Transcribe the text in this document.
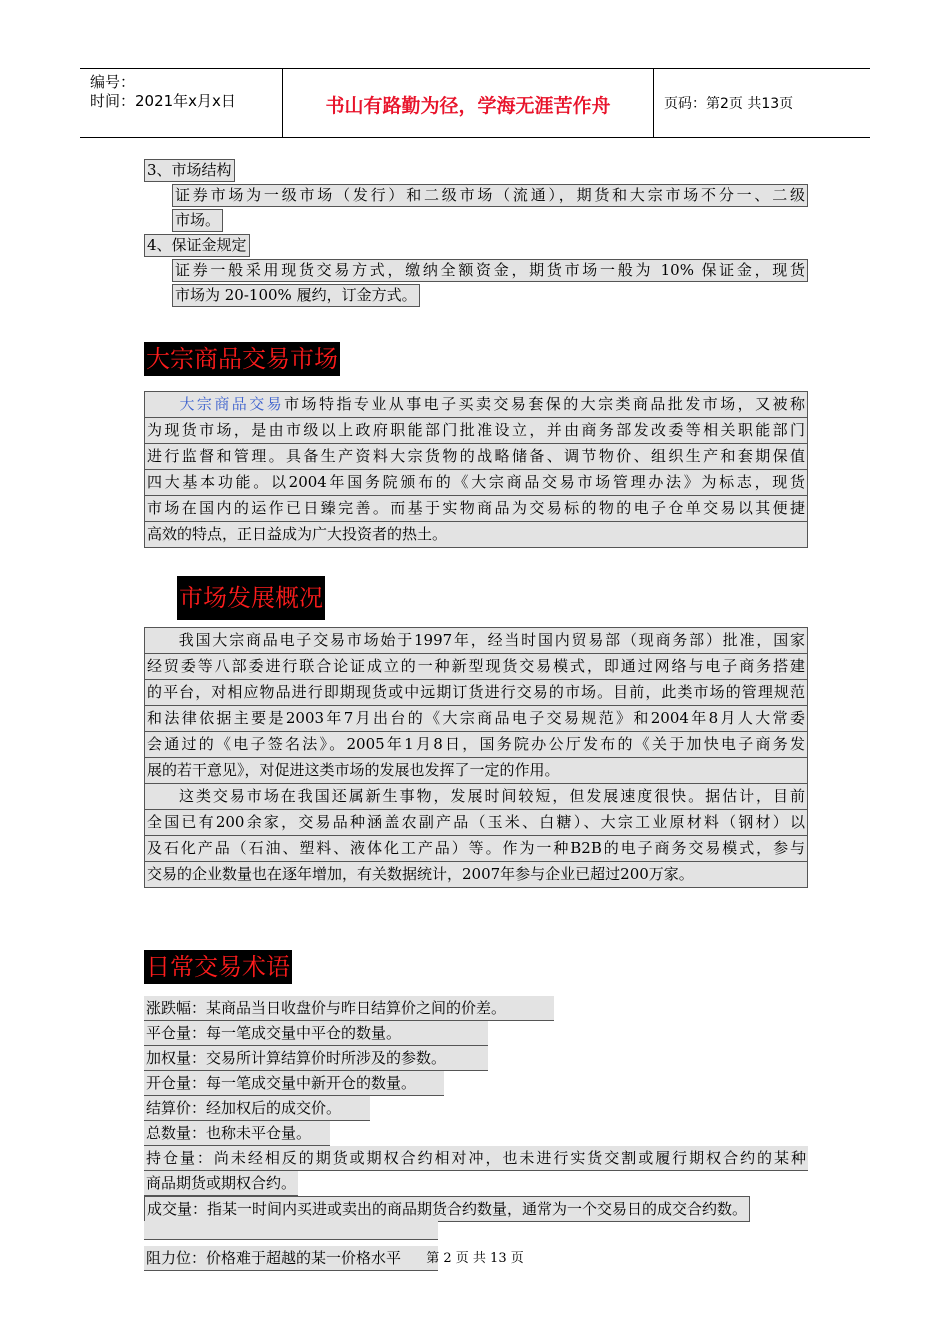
编号：
时间：2021年x月x日	书山有路勤为径，学海无涯苦作舟	页码：第2页 共13页
3、市场结构
证券市场为一级市场（发行）和二级市场（流通），期货和大宗市场不分一、二级
市场。
4、保证金规定
证券一般采用现货交易方式，缴纳全额资金，期货市场一般为 10% 保证金，现货
市场为 20-100% 履约，订金方式。
大宗商品交易市场
大宗商品交易市场特指专业从事电子买卖交易套保的大宗类商品批发市场，又被称
为现货市场，是由市级以上政府职能部门批准设立，并由商务部发改委等相关职能部门
进行监督和管理。具备生产资料大宗货物的战略储备、调节物价、组织生产和套期保值
四大基本功能。以2004年国务院颁布的《大宗商品交易市场管理办法》为标志，现货
市场在国内的运作已日臻完善。而基于实物商品为交易标的物的电子仓单交易以其便捷
高效的特点，正日益成为广大投资者的热土。
市场发展概况
我国大宗商品电子交易市场始于1997年，经当时国内贸易部（现商务部）批准，国家
经贸委等八部委进行联合论证成立的一种新型现货交易模式，即通过网络与电子商务搭建
的平台，对相应物品进行即期现货或中远期订货进行交易的市场。目前，此类市场的管理规范
和法律依据主要是2003年7月出台的《大宗商品电子交易规范》和2004年8月人大常委
会通过的《电子签名法》。2005年1月8日，国务院办公厅发布的《关于加快电子商务发
展的若干意见》，对促进这类市场的发展也发挥了一定的作用。
这类交易市场在我国还属新生事物，发展时间较短，但发展速度很快。据估计，目前
全国已有200余家，交易品种涵盖农副产品（玉米、白糖）、大宗工业原材料（钢材）以
及石化产品（石油、塑料、液体化工产品）等。作为一种B2B的电子商务交易模式，参与
交易的企业数量也在逐年增加，有关数据统计，2007年参与企业已超过200万家。
日常交易术语
涨跌幅：某商品当日收盘价与昨日结算价之间的价差。
平仓量：每一笔成交量中平仓的数量。
加权量：交易所计算结算价时所涉及的参数。
开仓量：每一笔成交量中新开仓的数量。
结算价：经加权后的成交价。
总数量：也称未平仓量。
持仓量：尚未经相反的期货或期权合约相对冲，也未进行实货交割或履行期权合约的某种
商品期货或期权合约。
成交量：指某一时间内买进或卖出的商品期货合约数量，通常为一个交易日的成交合约数。
阻力位：价格难于超越的某一价格水平	第 2 页 共 13 页
